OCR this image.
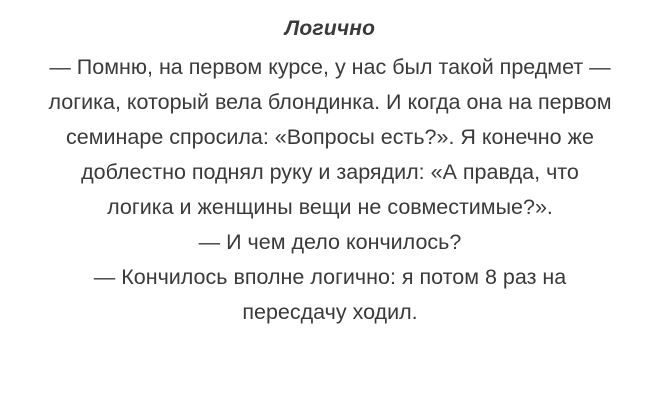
Логично

— Помню, на первом курсе, у нас был такой предмет — логика, который вела блондинка. И когда она на первом семинаре спросила: «Вопросы есть?». Я конечно же доблестно поднял руку и зарядил: «А правда, что логика и женщины вещи не совместимые?».

— И чем дело кончилось?

— Кончилось вполне логично: я потом 8 раз на пересдачу ходил.
